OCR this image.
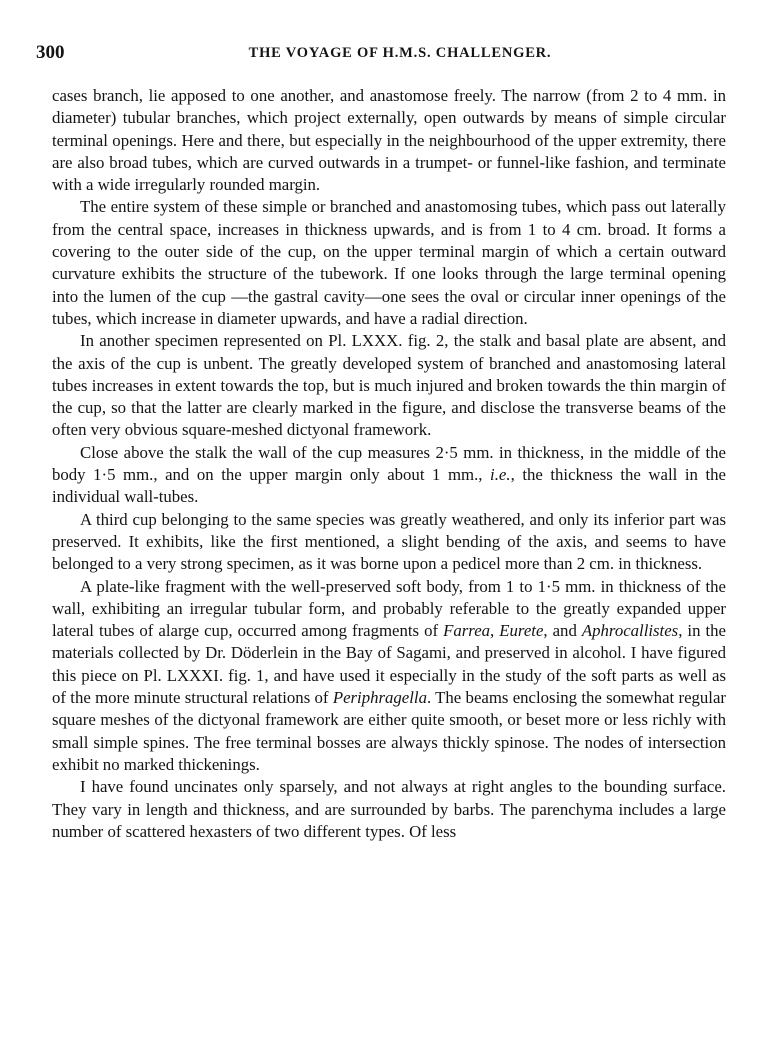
300	THE VOYAGE OF H.M.S. CHALLENGER.

cases branch, lie apposed to one another, and anastomose freely. The narrow (from 2 to 4 mm. in diameter) tubular branches, which project externally, open outwards by means of simple circular terminal openings. Here and there, but especially in the neighbourhood of the upper extremity, there are also broad tubes, which are curved outwards in a trumpet- or funnel-like fashion, and terminate with a wide irregularly rounded margin.

The entire system of these simple or branched and anastomosing tubes, which pass out laterally from the central space, increases in thickness upwards, and is from 1 to 4 cm. broad. It forms a covering to the outer side of the cup, on the upper terminal margin of which a certain outward curvature exhibits the structure of the tubework. If one looks through the large terminal opening into the lumen of the cup —the gastral cavity—one sees the oval or circular inner openings of the tubes, which increase in diameter upwards, and have a radial direction.

In another specimen represented on Pl. LXXX. fig. 2, the stalk and basal plate are absent, and the axis of the cup is unbent. The greatly developed system of branched and anastomosing lateral tubes increases in extent towards the top, but is much injured and broken towards the thin margin of the cup, so that the latter are clearly marked in the figure, and disclose the transverse beams of the often very obvious square-meshed dictyonal framework.

Close above the stalk the wall of the cup measures 2·5 mm. in thickness, in the middle of the body 1·5 mm., and on the upper margin only about 1 mm., i.e., the thickness the wall in the individual wall-tubes.

A third cup belonging to the same species was greatly weathered, and only its inferior part was preserved. It exhibits, like the first mentioned, a slight bending of the axis, and seems to have belonged to a very strong specimen, as it was borne upon a pedicel more than 2 cm. in thickness.

A plate-like fragment with the well-preserved soft body, from 1 to 1·5 mm. in thickness of the wall, exhibiting an irregular tubular form, and probably referable to the greatly expanded upper lateral tubes of alarge cup, occurred among fragments of Farrea, Eurete, and Aphrocallistes, in the materials collected by Dr. Döderlein in the Bay of Sagami, and preserved in alcohol. I have figured this piece on Pl. LXXXI. fig. 1, and have used it especially in the study of the soft parts as well as of the more minute structural relations of Periphragella. The beams enclosing the somewhat regular square meshes of the dictyonal framework are either quite smooth, or beset more or less richly with small simple spines. The free terminal bosses are always thickly spinose. The nodes of intersection exhibit no marked thickenings.

I have found uncinates only sparsely, and not always at right angles to the bounding surface. They vary in length and thickness, and are surrounded by barbs. The parenchyma includes a large number of scattered hexasters of two different types. Of less
